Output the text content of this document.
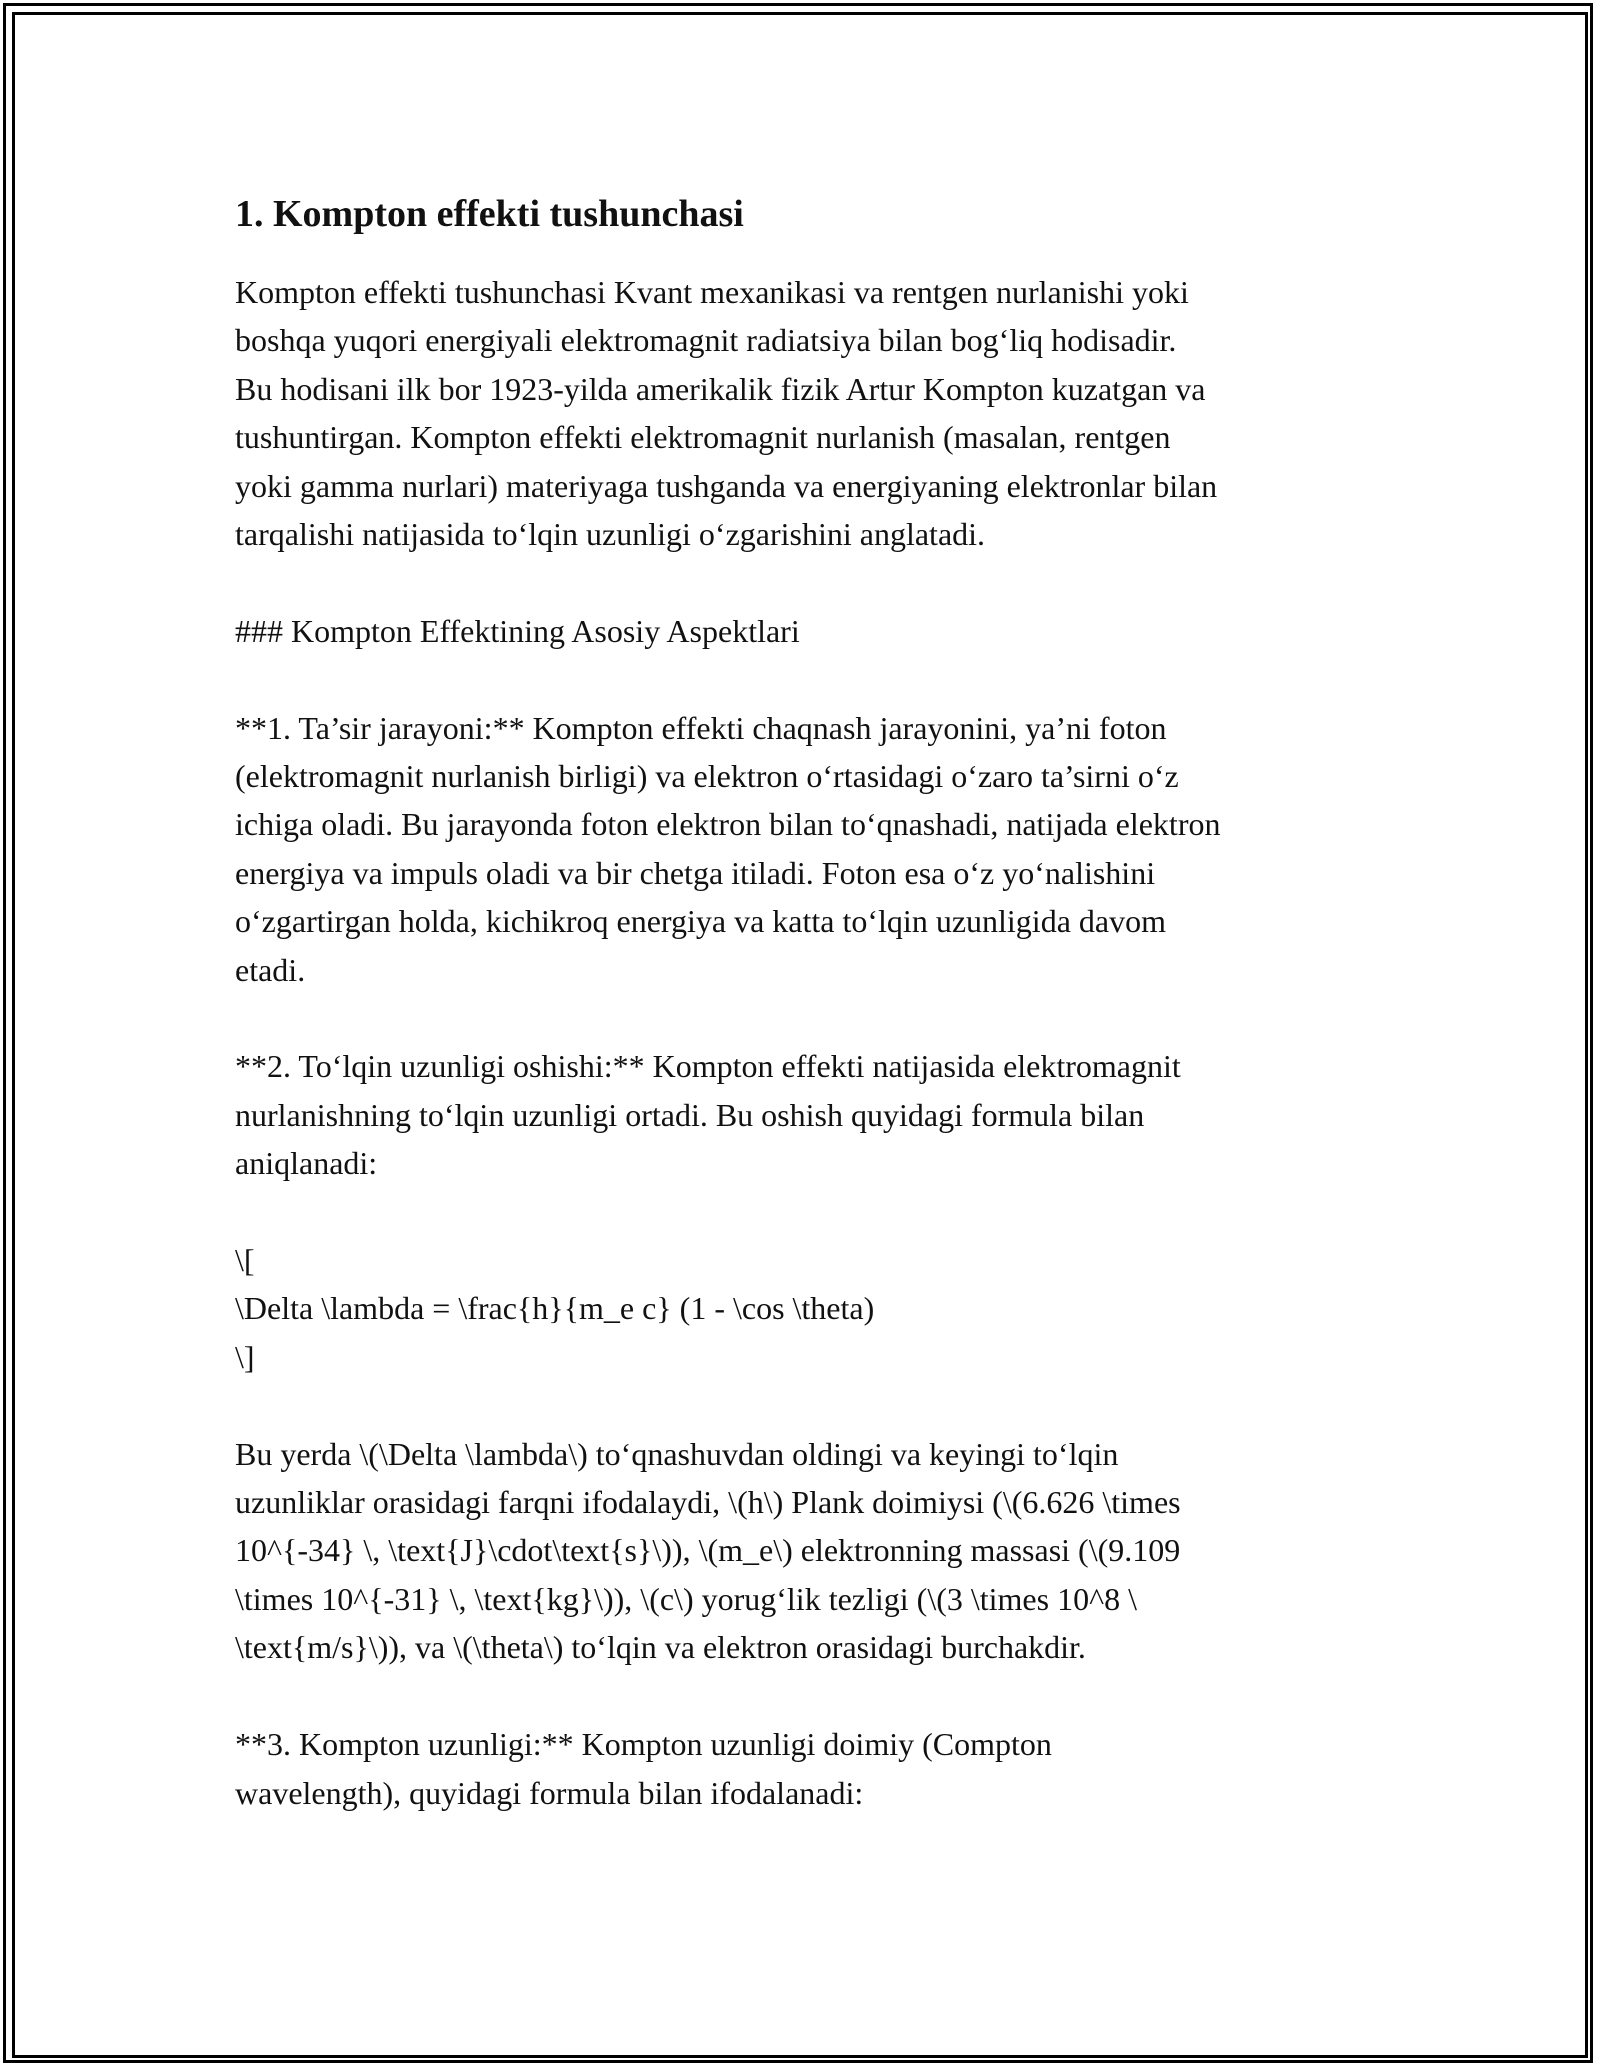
1. Kompton effekti tushunchasi

Kompton effekti tushunchasi Kvant mexanikasi va rentgen nurlanishi yoki
boshqa yuqori energiyali elektromagnit radiatsiya bilan bog‘liq hodisadir.
Bu hodisani ilk bor 1923-yilda amerikalik fizik Artur Kompton kuzatgan va
tushuntirgan. Kompton effekti elektromagnit nurlanish (masalan, rentgen
yoki gamma nurlari) materiyaga tushganda va energiyaning elektronlar bilan
tarqalishi natijasida to‘lqin uzunligi o‘zgarishini anglatadi.

### Kompton Effektining Asosiy Aspektlari

**1. Ta’sir jarayoni:** Kompton effekti chaqnash jarayonini, ya’ni foton
(elektromagnit nurlanish birligi) va elektron o‘rtasidagi o‘zaro ta’sirni o‘z
ichiga oladi. Bu jarayonda foton elektron bilan to‘qnashadi, natijada elektron
energiya va impuls oladi va bir chetga itiladi. Foton esa o‘z yo‘nalishini
o‘zgartirgan holda, kichikroq energiya va katta to‘lqin uzunligida davom
etadi.

**2. To‘lqin uzunligi oshishi:** Kompton effekti natijasida elektromagnit
nurlanishning to‘lqin uzunligi ortadi. Bu oshish quyidagi formula bilan
aniqlanadi:

\[
\Delta \lambda = \frac{h}{m_e c} (1 - \cos \theta)
\]

Bu yerda \(\Delta \lambda\) to‘qnashuvdan oldingi va keyingi to‘lqin
uzunliklar orasidagi farqni ifodalaydi, \(h\) Plank doimiysi (\(6.626 \times
10^{-34} \, \text{J}\cdot\text{s}\)), \(m_e\) elektronning massasi (\(9.109
\times 10^{-31} \, \text{kg}\)), \(c\) yorug‘lik tezligi (\(3 \times 10^8 \
\text{m/s}\)), va \(\theta\) to‘lqin va elektron orasidagi burchakdir.

**3. Kompton uzunligi:** Kompton uzunligi doimiy (Compton
wavelength), quyidagi formula bilan ifodalanadi:
